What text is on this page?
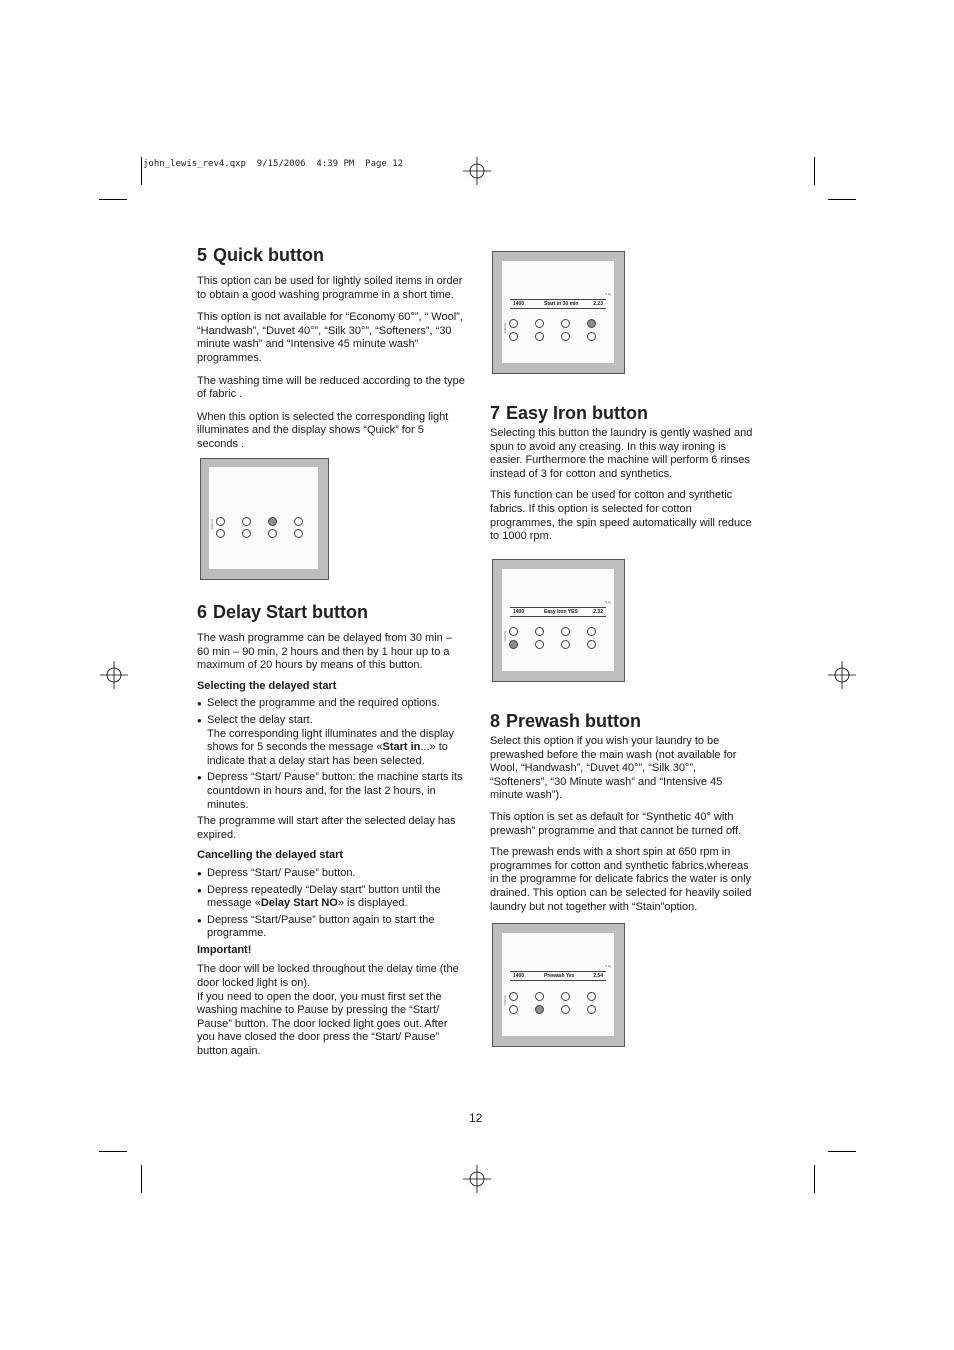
john_lewis_rev4.qxp  9/15/2006  4:39 PM  Page 12
5 Quick button

This option can be used for lightly soiled items in order to obtain a good washing programme in a short time.

This option is not available for “Economy 60°”, “ Wool”, “Handwash”, “Duvet 40°”, “Silk 30°”, “Softeners”, “30 minute wash” and “Intensive 45 minute wash” programmes.

The washing time will be reduced according to the type of fabric .

When this option is selected the corresponding light illuminates and the display shows “Quick” for 5 seconds .

Options
6 Delay Start button

The wash programme can be delayed from 30 min – 60 min – 90 min, 2 hours and then by 1 hour up to a maximum of 20 hours by means of this button.

Selecting the delayed start

● Select the programme and the required options.
● Select the delay start.
The corresponding light illuminates and the display shows for 5 seconds the message «Start in...» to indicate that a delay start has been selected.
● Depress “Start/ Pause” button: the machine starts its countdown in hours and, for the last 2 hours, in minutes.

The programme will start after the selected delay has expired.

Cancelling the delayed start

● Depress “Start/ Pause” button.
● Depress repeatedly “Delay start” button until the message «Delay Start NO» is displayed.
● Depress “Start/Pause” button again to start the programme.

Important!

The door will be locked throughout the delay time (the door locked light is on).

If you need to open the door, you must first set the washing machine to Pause by pressing the “Start/ Pause” button. The door locked light goes out. After you have closed the door press the “Start/ Pause” button again.

6 kg
1400	Start in 30 min	2.23
Options
7 Easy Iron button

Selecting this button the laundry is gently washed and spun to avoid any creasing. In this way ironing is easier. Furthermore the machine will perform 6 rinses instead of 3 for cotton and synthetics.

This function can be used for cotton and synthetic fabrics. If this option is selected for cotton programmes, the spin speed automatically will reduce to 1000 rpm.

6 kg
1400	Easy Iron YES	2.32
Options
8 Prewash button

Select this option if you wish your laundry to be prewashed before the main wash (not available for Wool, “Handwash”, “Duvet 40°”, “Silk 30°”, “Softeners”, “30 Minute wash” and “Intensive 45 minute wash”).

This option is set as default for “Synthetic 40° with prewash” programme and that cannot be turned off.

The prewash ends with a short spin at 650 rpm in programmes for cotton and synthetic fabrics,whereas in the programme for delicate fabrics the water is only drained. This option can be selected for heavily soiled laundry but not together with “Stain”option.

6 kg
1400	Prewash Yes	2.54
Options
12
